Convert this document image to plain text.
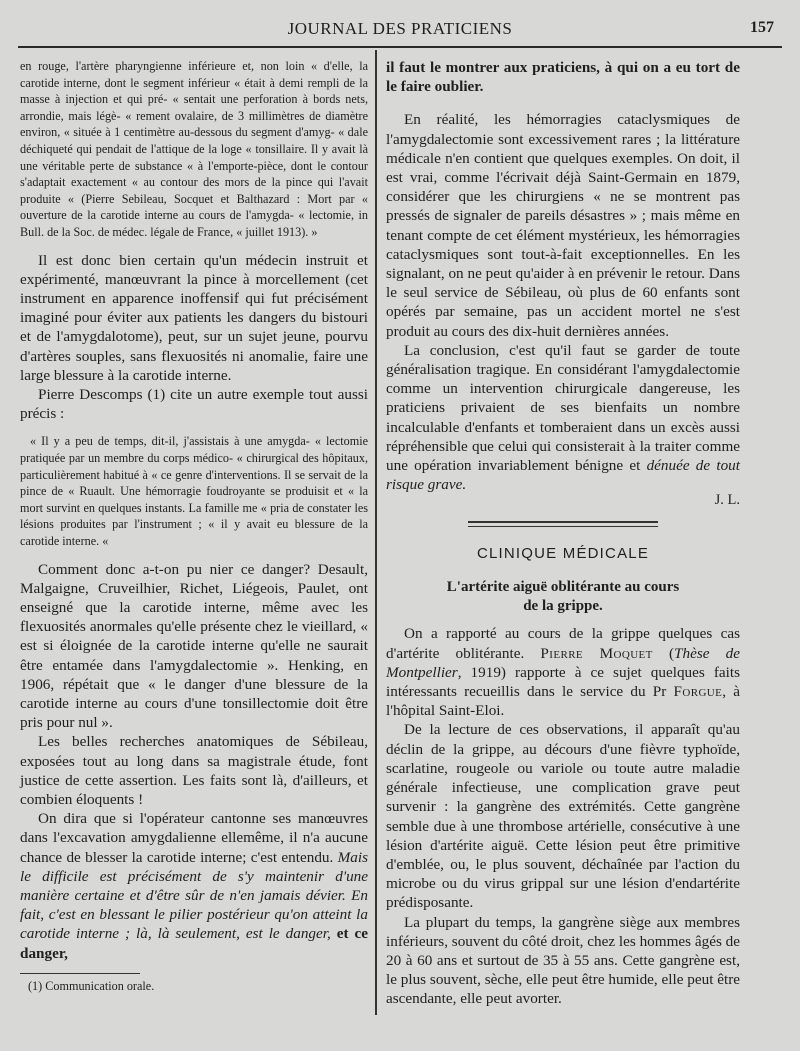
JOURNAL DES PRATICIENS	157

en rouge, l'artère pharyngienne inférieure et, non loin « d'elle, la carotide interne, dont le segment inférieur « était à demi rempli de la masse à injection et qui pré- « sentait une perforation à bords nets, arrondie, mais légè- « rement ovalaire, de 3 millimètres de diamètre environ, « située à 1 centimètre au-dessous du segment d'amyg- « dale déchiqueté qui pendait de l'attique de la loge « tonsillaire. Il y avait là une véritable perte de substance « à l'emporte-pièce, dont le contour s'adaptait exactement « au contour des mors de la pince qui l'avait produite « (Pierre Sebileau, Socquet et Balthazard : Mort par « ouverture de la carotide interne au cours de l'amygda- « lectomie, in Bull. de la Soc. de médec. légale de France, « juillet 1913). »

Il est donc bien certain qu'un médecin instruit et expérimenté, manœuvrant la pince à morcellement (cet instrument en apparence inoffensif qui fut précisément imaginé pour éviter aux patients les dangers du bistouri et de l'amygdalotome), peut, sur un sujet jeune, pourvu d'artères souples, sans flexuosités ni anomalie, faire une large blessure à la carotide interne.

Pierre Descomps (1) cite un autre exemple tout aussi précis :

« Il y a peu de temps, dit-il, j'assistais à une amygda- « lectomie pratiquée par un membre du corps médico- « chirurgical des hôpitaux, particulièrement habitué à « ce genre d'interventions. Il se servait de la pince de « Ruault. Une hémorragie foudroyante se produisit et « la mort survint en quelques instants. La famille me « pria de constater les lésions produites par l'instrument ; « il y avait eu blessure de la carotide interne. «

Comment donc a-t-on pu nier ce danger? Desault, Malgaigne, Cruveilhier, Richet, Liégeois, Paulet, ont enseigné que la carotide interne, même avec les flexuosités anormales qu'elle présente chez le vieillard, « est si éloignée de la carotide interne qu'elle ne saurait être entamée dans l'amygdalectomie ». Henking, en 1906, répétait que « le danger d'une blessure de la carotide interne au cours d'une tonsillectomie doit être pris pour nul ».

Les belles recherches anatomiques de Sébileau, exposées tout au long dans sa magistrale étude, font justice de cette assertion. Les faits sont là, d'ailleurs, et combien éloquents !

On dira que si l'opérateur cantonne ses manœuvres dans l'excavation amygdalienne ellemême, il n'a aucune chance de blesser la carotide interne; c'est entendu. Mais le difficile est précisément de s'y maintenir d'une manière certaine et d'être sûr de n'en jamais dévier. En fait, c'est en blessant le pilier postérieur qu'on atteint la carotide interne ; là, là seulement, est le danger, et ce danger,

(1) Communication orale.

il faut le montrer aux praticiens, à qui on a eu tort de le faire oublier.

En réalité, les hémorragies cataclysmiques de l'amygdalectomie sont excessivement rares ; la littérature médicale n'en contient que quelques exemples. On doit, il est vrai, comme l'écrivait déjà Saint-Germain en 1879, considérer que les chirurgiens « ne se montrent pas pressés de signaler de pareils désastres » ; mais même en tenant compte de cet élément mystérieux, les hémorragies cataclysmiques sont tout-à-fait exceptionnelles. En les signalant, on ne peut qu'aider à en prévenir le retour. Dans le seul service de Sébileau, où plus de 60 enfants sont opérés par semaine, pas un accident mortel ne s'est produit au cours des dix-huit dernières années.

La conclusion, c'est qu'il faut se garder de toute généralisation tragique. En considérant l'amygdalectomie comme un intervention chirurgicale dangereuse, les praticiens privaient de ses bienfaits un nombre incalculable d'enfants et tomberaient dans un excès aussi répréhensible que celui qui consisterait à la traiter comme une opération invariablement bénigne et dénuée de tout risque grave.

J. L.
CLINIQUE MÉDICALE
L'artérite aiguë oblitérante au cours
de la grippe.

On a rapporté au cours de la grippe quelques cas d'artérite oblitérante. Pierre Moquet (Thèse de Montpellier, 1919) rapporte à ce sujet quelques faits intéressants recueillis dans le service du Pr Forgue, à l'hôpital Saint-Eloi.

De la lecture de ces observations, il apparaît qu'au déclin de la grippe, au décours d'une fièvre typhoïde, scarlatine, rougeole ou variole ou toute autre maladie générale infectieuse, une complication grave peut survenir : la gangrène des extrémités. Cette gangrène semble due à une thrombose artérielle, consécutive à une lésion d'artérite aiguë. Cette lésion peut être primitive d'emblée, ou, le plus souvent, déchaînée par l'action du microbe ou du virus grippal sur une lésion d'endartérite prédisposante.

La plupart du temps, la gangrène siège aux membres inférieurs, souvent du côté droit, chez les hommes âgés de 20 à 60 ans et surtout de 35 à 55 ans. Cette gangrène est, le plus souvent, sèche, elle peut être humide, elle peut être ascendante, elle peut avorter.
